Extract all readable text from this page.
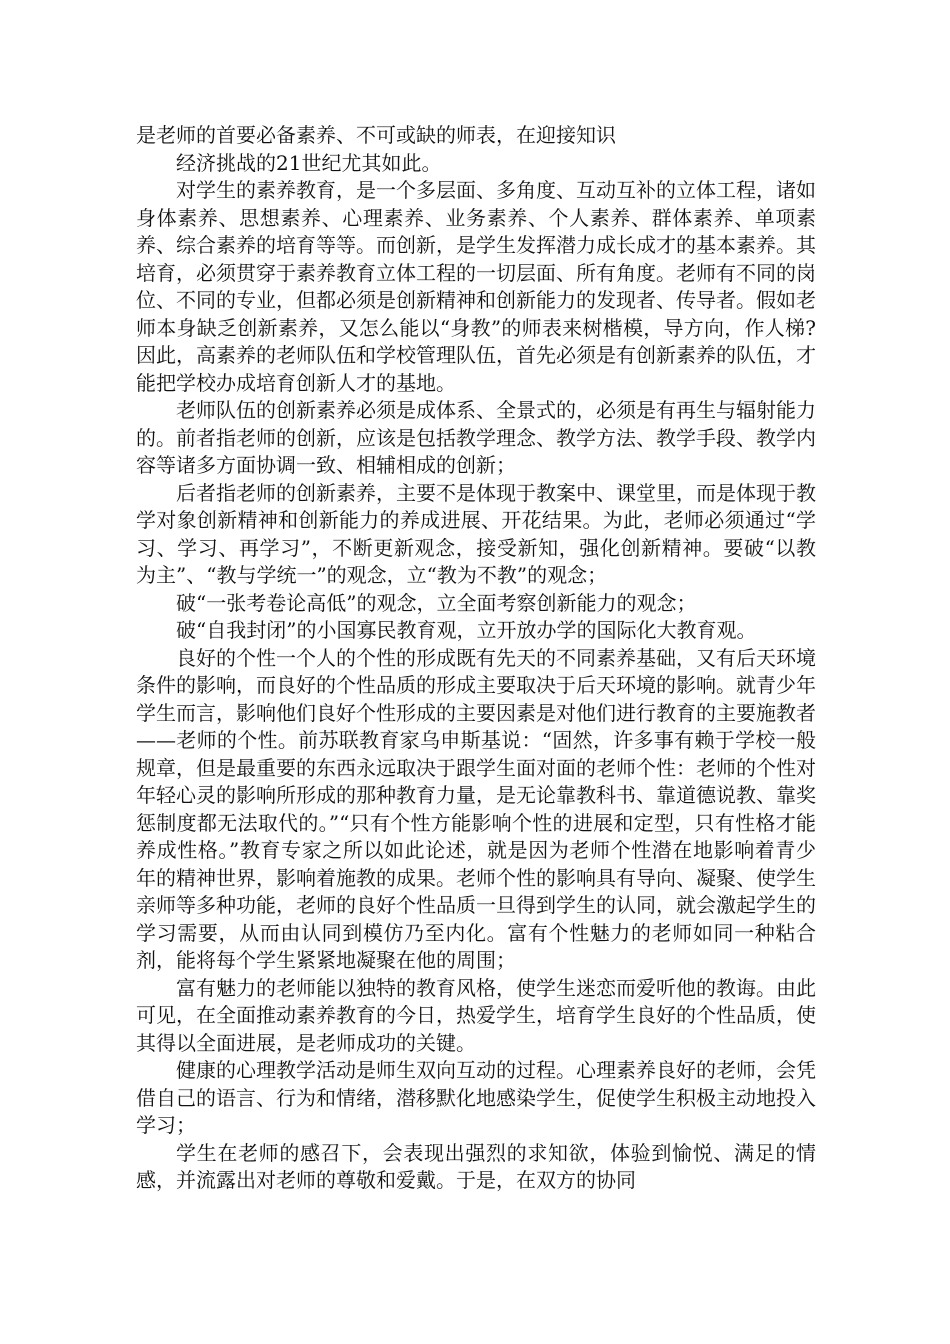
是老师的首要必备素养、不可或缺的师表，在迎接知识

经济挑战的21世纪尤其如此。

对学生的素养教育，是一个多层面、多角度、互动互补的立体工程，诸如身体素养、思想素养、心理素养、业务素养、个人素养、群体素养、单项素养、综合素养的培育等等。而创新，是学生发挥潜力成长成才的基本素养。其培育，必须贯穿于素养教育立体工程的一切层面、所有角度。老师有不同的岗位、不同的专业，但都必须是创新精神和创新能力的发现者、传导者。假如老师本身缺乏创新素养，又怎么能以“身教”的师表来树楷模，导方向，作人梯?因此，高素养的老师队伍和学校管理队伍，首先必须是有创新素养的队伍，才能把学校办成培育创新人才的基地。

老师队伍的创新素养必须是成体系、全景式的，必须是有再生与辐射能力的。前者指老师的创新，应该是包括教学理念、教学方法、教学手段、教学内容等诸多方面协调一致、相辅相成的创新；

后者指老师的创新素养，主要不是体现于教案中、课堂里，而是体现于教学对象创新精神和创新能力的养成进展、开花结果。为此，老师必须通过“学习、学习、再学习”，不断更新观念，接受新知，强化创新精神。要破“以教为主”、“教与学统一”的观念，立“教为不教”的观念；

破“一张考卷论高低”的观念，立全面考察创新能力的观念；

破“自我封闭”的小国寡民教育观，立开放办学的国际化大教育观。

良好的个性一个人的个性的形成既有先天的不同素养基础，又有后天环境条件的影响，而良好的个性品质的形成主要取决于后天环境的影响。就青少年学生而言，影响他们良好个性形成的主要因素是对他们进行教育的主要施教者——老师的个性。前苏联教育家乌申斯基说：“固然，许多事有赖于学校一般规章，但是最重要的东西永远取决于跟学生面对面的老师个性：老师的个性对年轻心灵的影响所形成的那种教育力量，是无论靠教科书、靠道德说教、靠奖惩制度都无法取代的。”“只有个性方能影响个性的进展和定型，只有性格才能养成性格。”教育专家之所以如此论述，就是因为老师个性潜在地影响着青少年的精神世界，影响着施教的成果。老师个性的影响具有导向、凝聚、使学生亲师等多种功能，老师的良好个性品质一旦得到学生的认同，就会激起学生的学习需要，从而由认同到模仿乃至内化。富有个性魅力的老师如同一种粘合剂，能将每个学生紧紧地凝聚在他的周围；

富有魅力的老师能以独特的教育风格，使学生迷恋而爱听他的教诲。由此可见，在全面推动素养教育的今日，热爱学生，培育学生良好的个性品质，使其得以全面进展，是老师成功的关键。

健康的心理教学活动是师生双向互动的过程。心理素养良好的老师，会凭借自己的语言、行为和情绪，潜移默化地感染学生，促使学生积极主动地投入学习；

学生在老师的感召下，会表现出强烈的求知欲，体验到愉悦、满足的情感，并流露出对老师的尊敬和爱戴。于是，在双方的协同
